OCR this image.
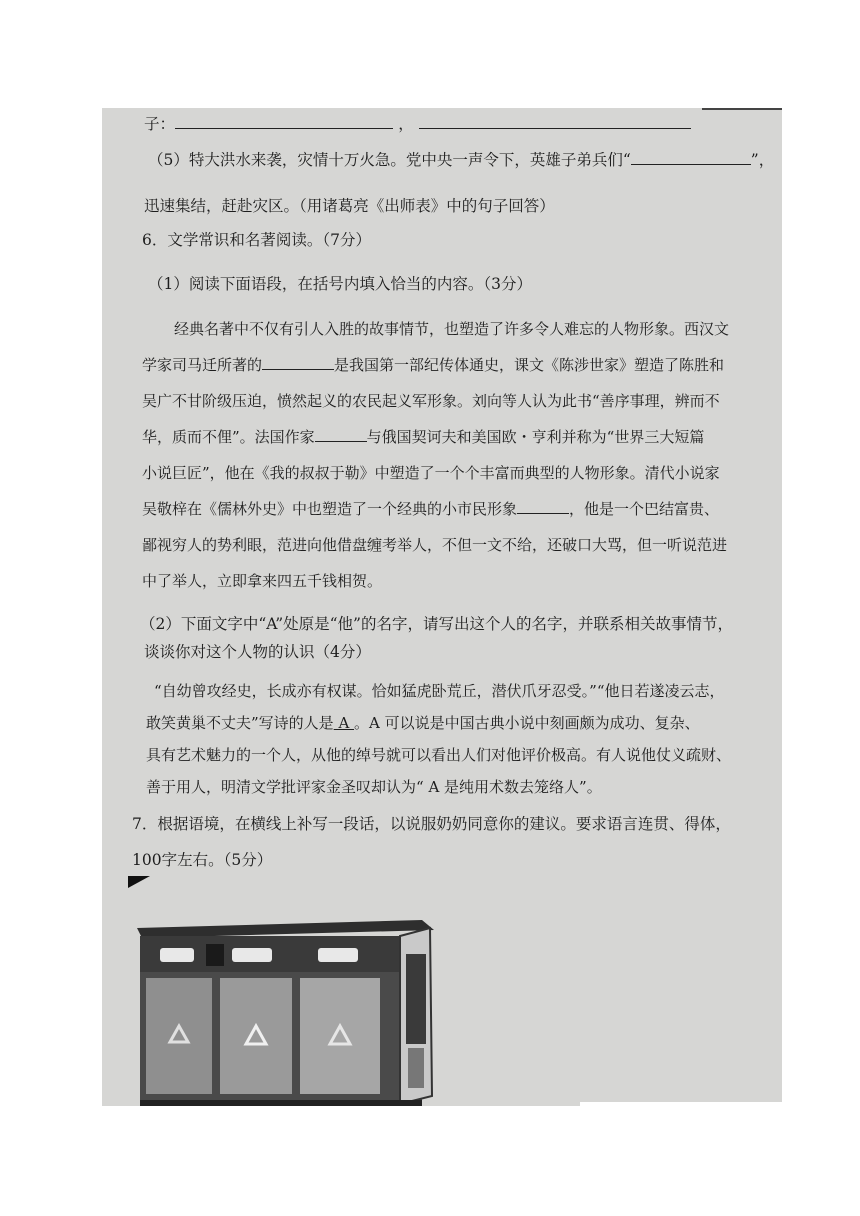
子：	，
（5）特大洪水来袭，灾情十万火急。党中央一声令下，英雄子弟兵们“	”，
迅速集结，赶赴灾区。（用诸葛亮《出师表》中的句子回答）
6．文学常识和名著阅读。（7分）
（1）阅读下面语段，在括号内填入恰当的内容。（3分）
经典名著中不仅有引人入胜的故事情节，也塑造了许多令人难忘的人物形象。西汉文
学家司马迁所著的	是我国第一部纪传体通史，课文《陈涉世家》塑造了陈胜和
吴广不甘阶级压迫，愤然起义的农民起义军形象。刘向等人认为此书“善序事理，辨而不
华，质而不俚”。法国作家	与俄国契诃夫和美国欧・亨利并称为“世界三大短篇
小说巨匠”，他在《我的叔叔于勒》中塑造了一个个丰富而典型的人物形象。清代小说家
吴敬梓在《儒林外史》中也塑造了一个经典的小市民形象	，他是一个巴结富贵、
鄙视穷人的势利眼，范进向他借盘缠考举人，不但一文不给，还破口大骂，但一听说范进
中了举人，立即拿来四五千钱相贺。
（2）下面文字中“A”处原是“他”的名字，请写出这个人的名字，并联系相关故事情节，
谈谈你对这个人物的认识（4分）
“自幼曾攻经史，长成亦有权谋。恰如猛虎卧荒丘，潜伏爪牙忍受。”“他日若遂凌云志，
敢笑黄巢不丈夫”写诗的人是 A 。A 可以说是中国古典小说中刻画颇为成功、复杂、
具有艺术魅力的一个人，从他的绰号就可以看出人们对他评价极高。有人说他仗义疏财、
善于用人，明清文学批评家金圣叹却认为“ A 是纯用术数去笼络人”。
7．根据语境，在横线上补写一段话，以说服奶奶同意你的建议。要求语言连贯、得体，
100字左右。（5分）
